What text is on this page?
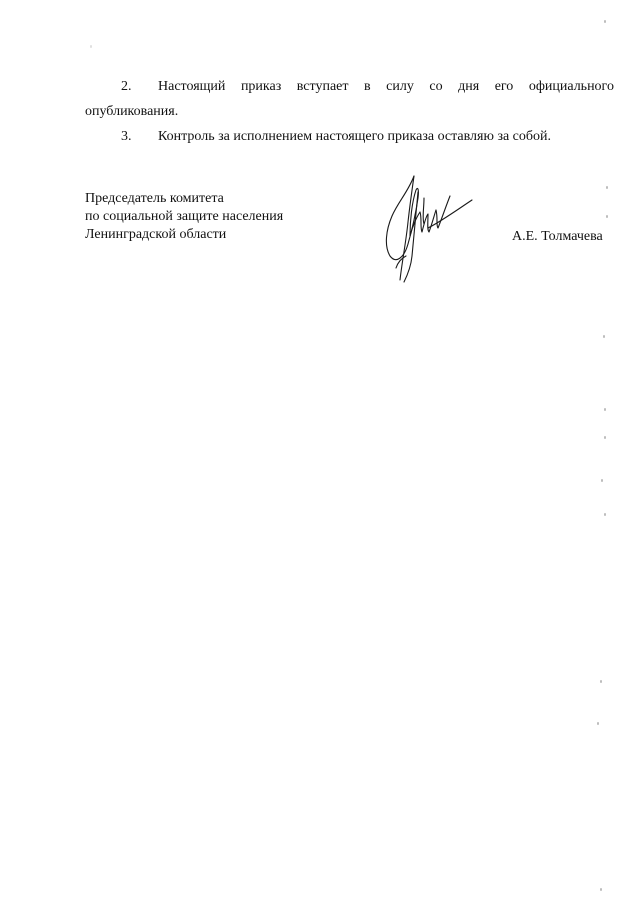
2. Настоящий приказ вступает в силу со дня его официального
опубликования.
3. Контроль за исполнением настоящего приказа оставляю за собой.
Председатель комитета
по социальной защите населения
Ленинградской области	А.Е. Толмачева
